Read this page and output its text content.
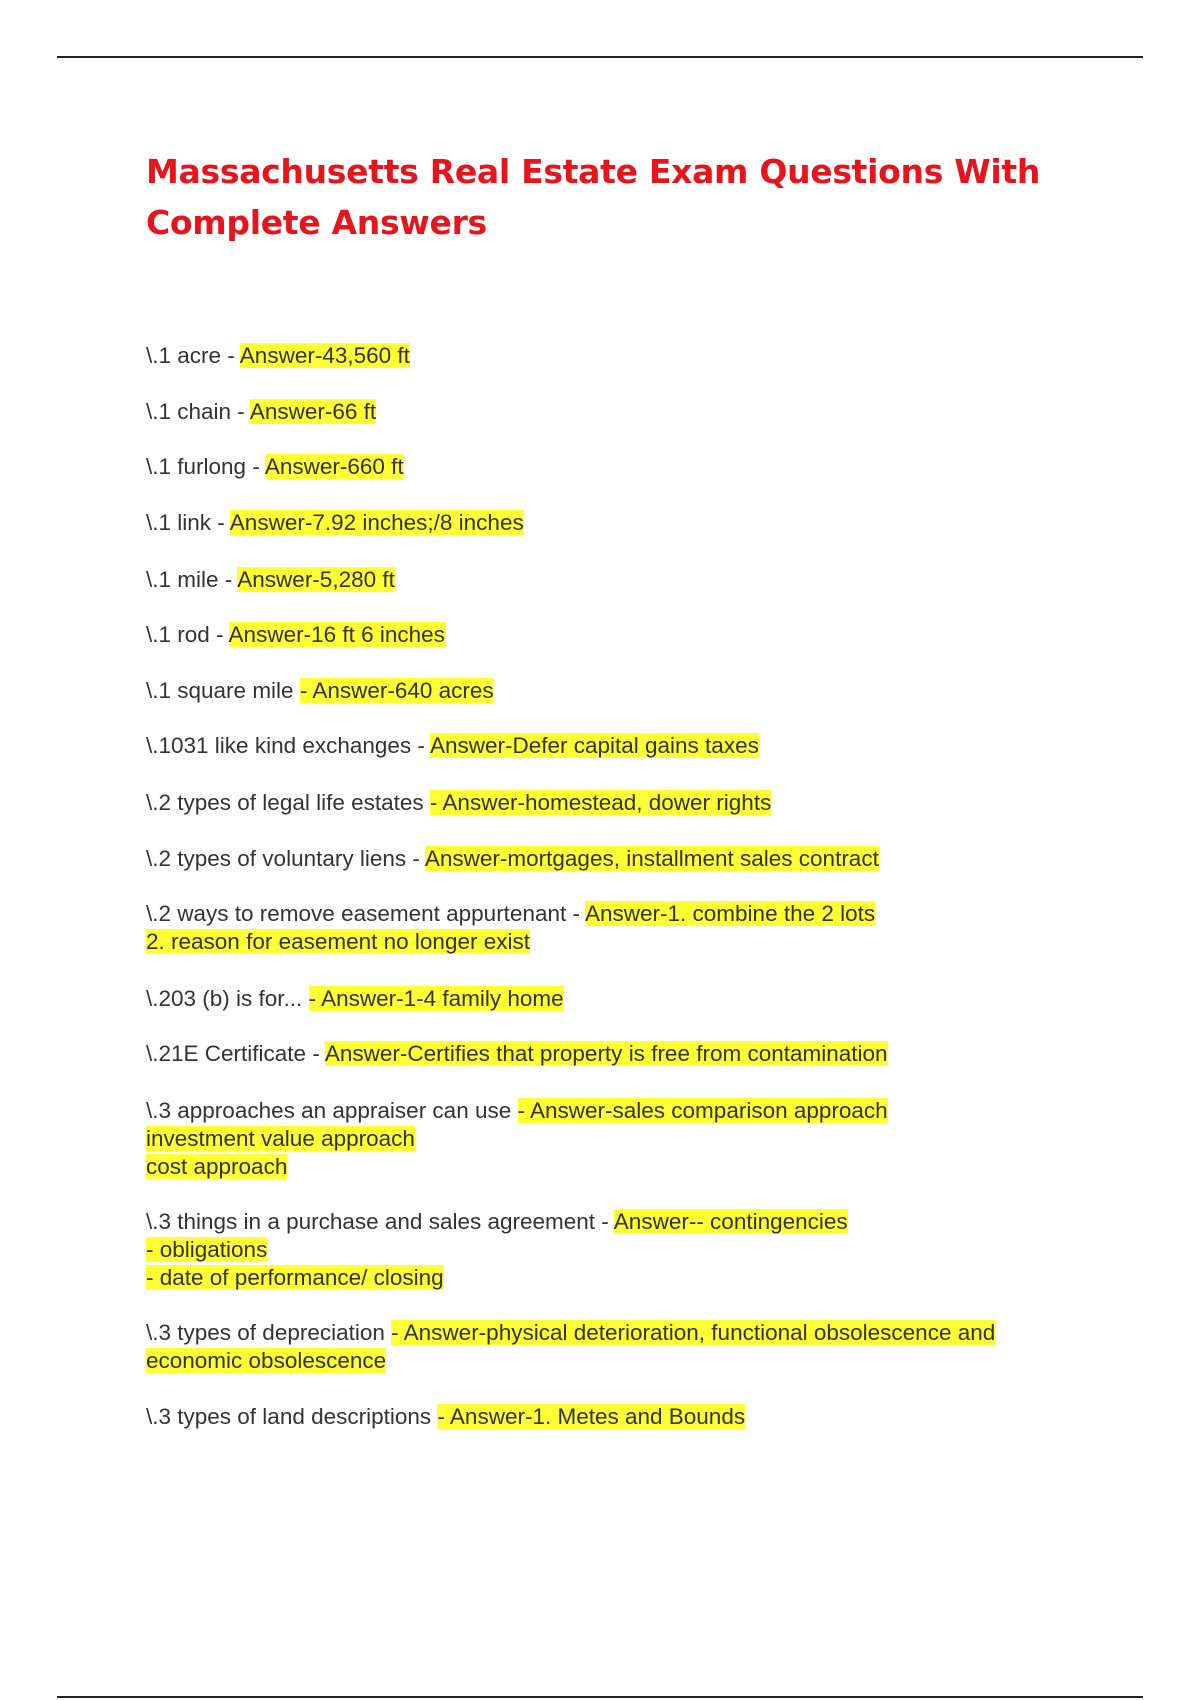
Massachusetts Real Estate Exam Questions With
Complete Answers
\.1 acre - Answer-43,560 ft
\.1 chain - Answer-66 ft
\.1 furlong - Answer-660 ft
\.1 link - Answer-7.92 inches;/8 inches
\.1 mile - Answer-5,280 ft
\.1 rod - Answer-16 ft 6 inches
\.1 square mile - Answer-640 acres
\.1031 like kind exchanges - Answer-Defer capital gains taxes
\.2 types of legal life estates - Answer-homestead, dower rights
\.2 types of voluntary liens - Answer-mortgages, installment sales contract
\.2 ways to remove easement appurtenant - Answer-1. combine the 2 lots
2. reason for easement no longer exist
\.203 (b) is for... - Answer-1-4 family home
\.21E Certificate - Answer-Certifies that property is free from contamination
\.3 approaches an appraiser can use - Answer-sales comparison approach
investment value approach
cost approach
\.3 things in a purchase and sales agreement - Answer-- contingencies
- obligations
- date of performance/ closing
\.3 types of depreciation - Answer-physical deterioration, functional obsolescence and
economic obsolescence
\.3 types of land descriptions - Answer-1. Metes and Bounds
